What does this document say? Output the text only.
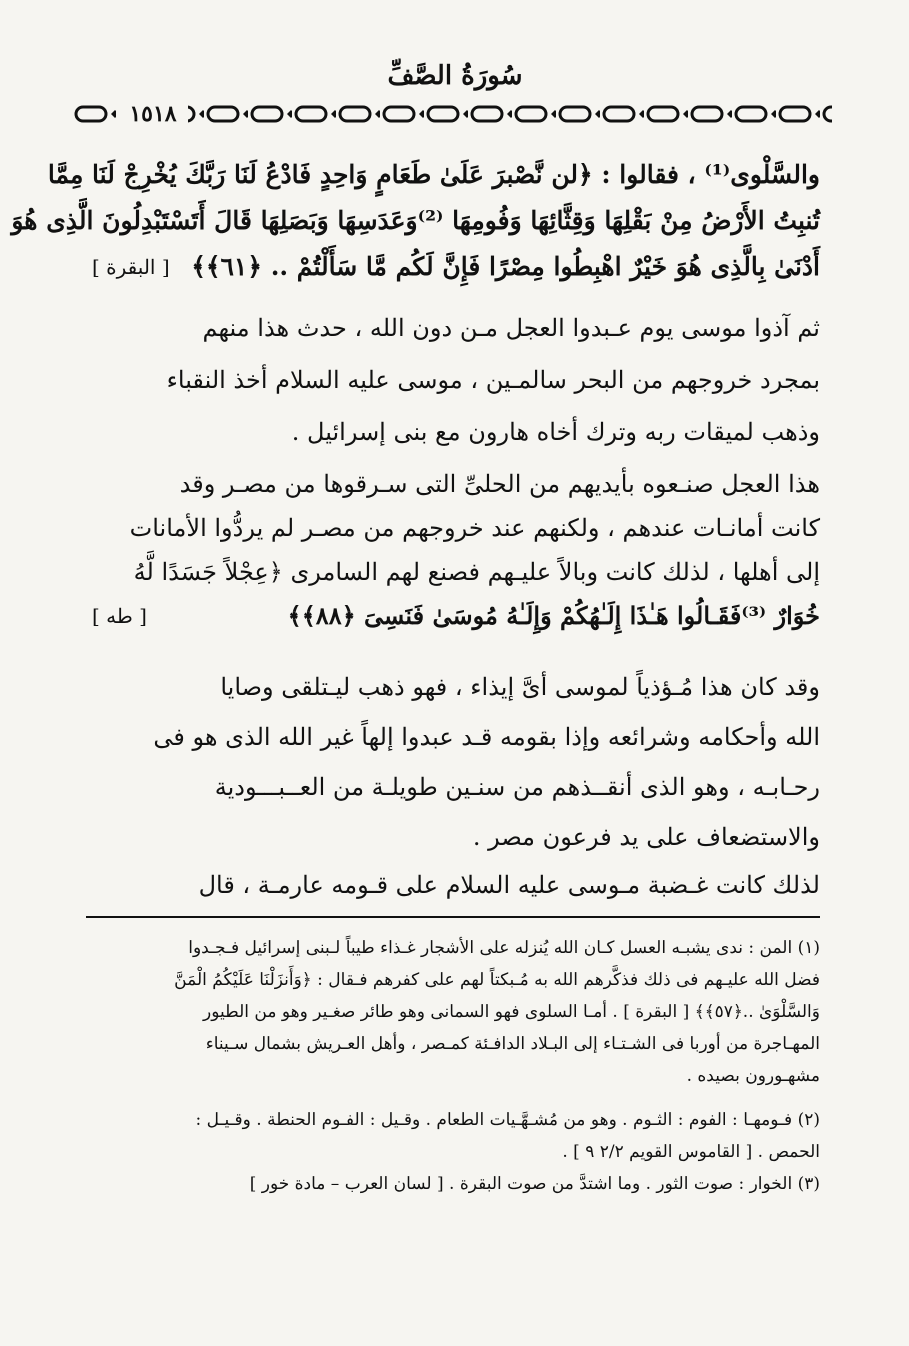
سُورَةُ الصَّفِّ
١٥١٨
والسَّلْوى⁽¹⁾ ، فقالوا : ﴿لن نَّصْبرَ عَلَىٰ طَعَامٍ وَاحِدٍ فَادْعُ لَنَا رَبَّكَ يُخْرِجْ لَنَا مِمَّا
تُنبِتُ الأَرْضُ مِنْ بَقْلِهَا وَقِثَّائِهَا وَفُومِهَا ⁽²⁾وَعَدَسِهَا وَبَصَلِهَا قَالَ أَتَسْتَبْدِلُونَ الَّذِى هُوَ
أَدْنَىٰ بِالَّذِى هُوَ خَيْرٌ اهْبِطُوا مِصْرًا فَإِنَّ لَكُم مَّا سَأَلْتُمْ .. ﴿٦١﴾﴾
[ البقرة ]
ثم آذوا موسى يوم عـبدوا العجل مـن دون الله ، حدث هذا منهم
بمجرد خروجهم من البحر سالمـين ، موسى عليه السلام أخذ النقباء
وذهب لميقات ربه وترك أخاه هارون مع بنى إسرائيل .
هذا العجل صنـعوه بأيديهم من الحلىِّ التى سـرقوها من مصـر وقد
كانت أمانـات عندهم ، ولكنهم عند خروجهم من مصـر لم يردُّوا الأمانات
إلى أهلها ، لذلك كانت وبالاً عليـهم فصنع لهم السامرى ﴿عِجْلاً جَسَدًا لَّهُ
خُوَارٌ ⁽³⁾فَقَـالُوا هَـٰذَا إِلَـٰهُكُمْ وَإِلَـٰهُ مُوسَىٰ فَنَسِىَ ﴿٨٨﴾﴾
[ طه ]
وقد كان هذا مُـؤذياً لموسى أىَّ إيذاء ، فهو ذهب ليـتلقى وصايا
الله وأحكامه وشرائعه وإذا بقومه قـد عبدوا إلهاً غير الله الذى هو فى
رحـابـه ، وهو الذى أنقــذهم من سنـين طويلـة من العــبـــودية
والاستضعاف على يد فرعون مصر .
لذلك كانت غـضبة مـوسى عليه السلام على قـومه عارمـة ، قال
(١) المن : ندى يشبـه العسل كـان الله يُنزله على الأشجار غـذاء طيباً لـبنى إسرائيل فـجـدوا
فضل الله عليـهم فى ذلك فذكَّرهم الله به مُـبكتاً لهم على كفرهم فـقال : ﴿وَأَنزَلْنَا عَلَيْكُمُ الْمَنَّ
وَالسَّلْوَىٰ ..﴿٥٧﴾﴾ [ البقرة ] . أمـا السلوى فهو السمانى وهو طائر صغـير وهو من الطيور
المهـاجرة من أوربا فى الشـتـاء إلى البـلاد الدافـئة كمـصر ، وأهل العـريش بشمال سـيناء
مشهـورون بصيده .
(٢) فـومهـا : الفوم : الثـوم . وهو من مُشـهَّـيات الطعام . وقـيل : الفـوم الحنطة . وقـيـل :
الحمص . [ القاموس القويم ٢/٢ ٩ ] .
(٣) الخوار : صوت الثور . وما اشتدَّ من صوت البقرة . [ لسان العرب – مادة خور ]
